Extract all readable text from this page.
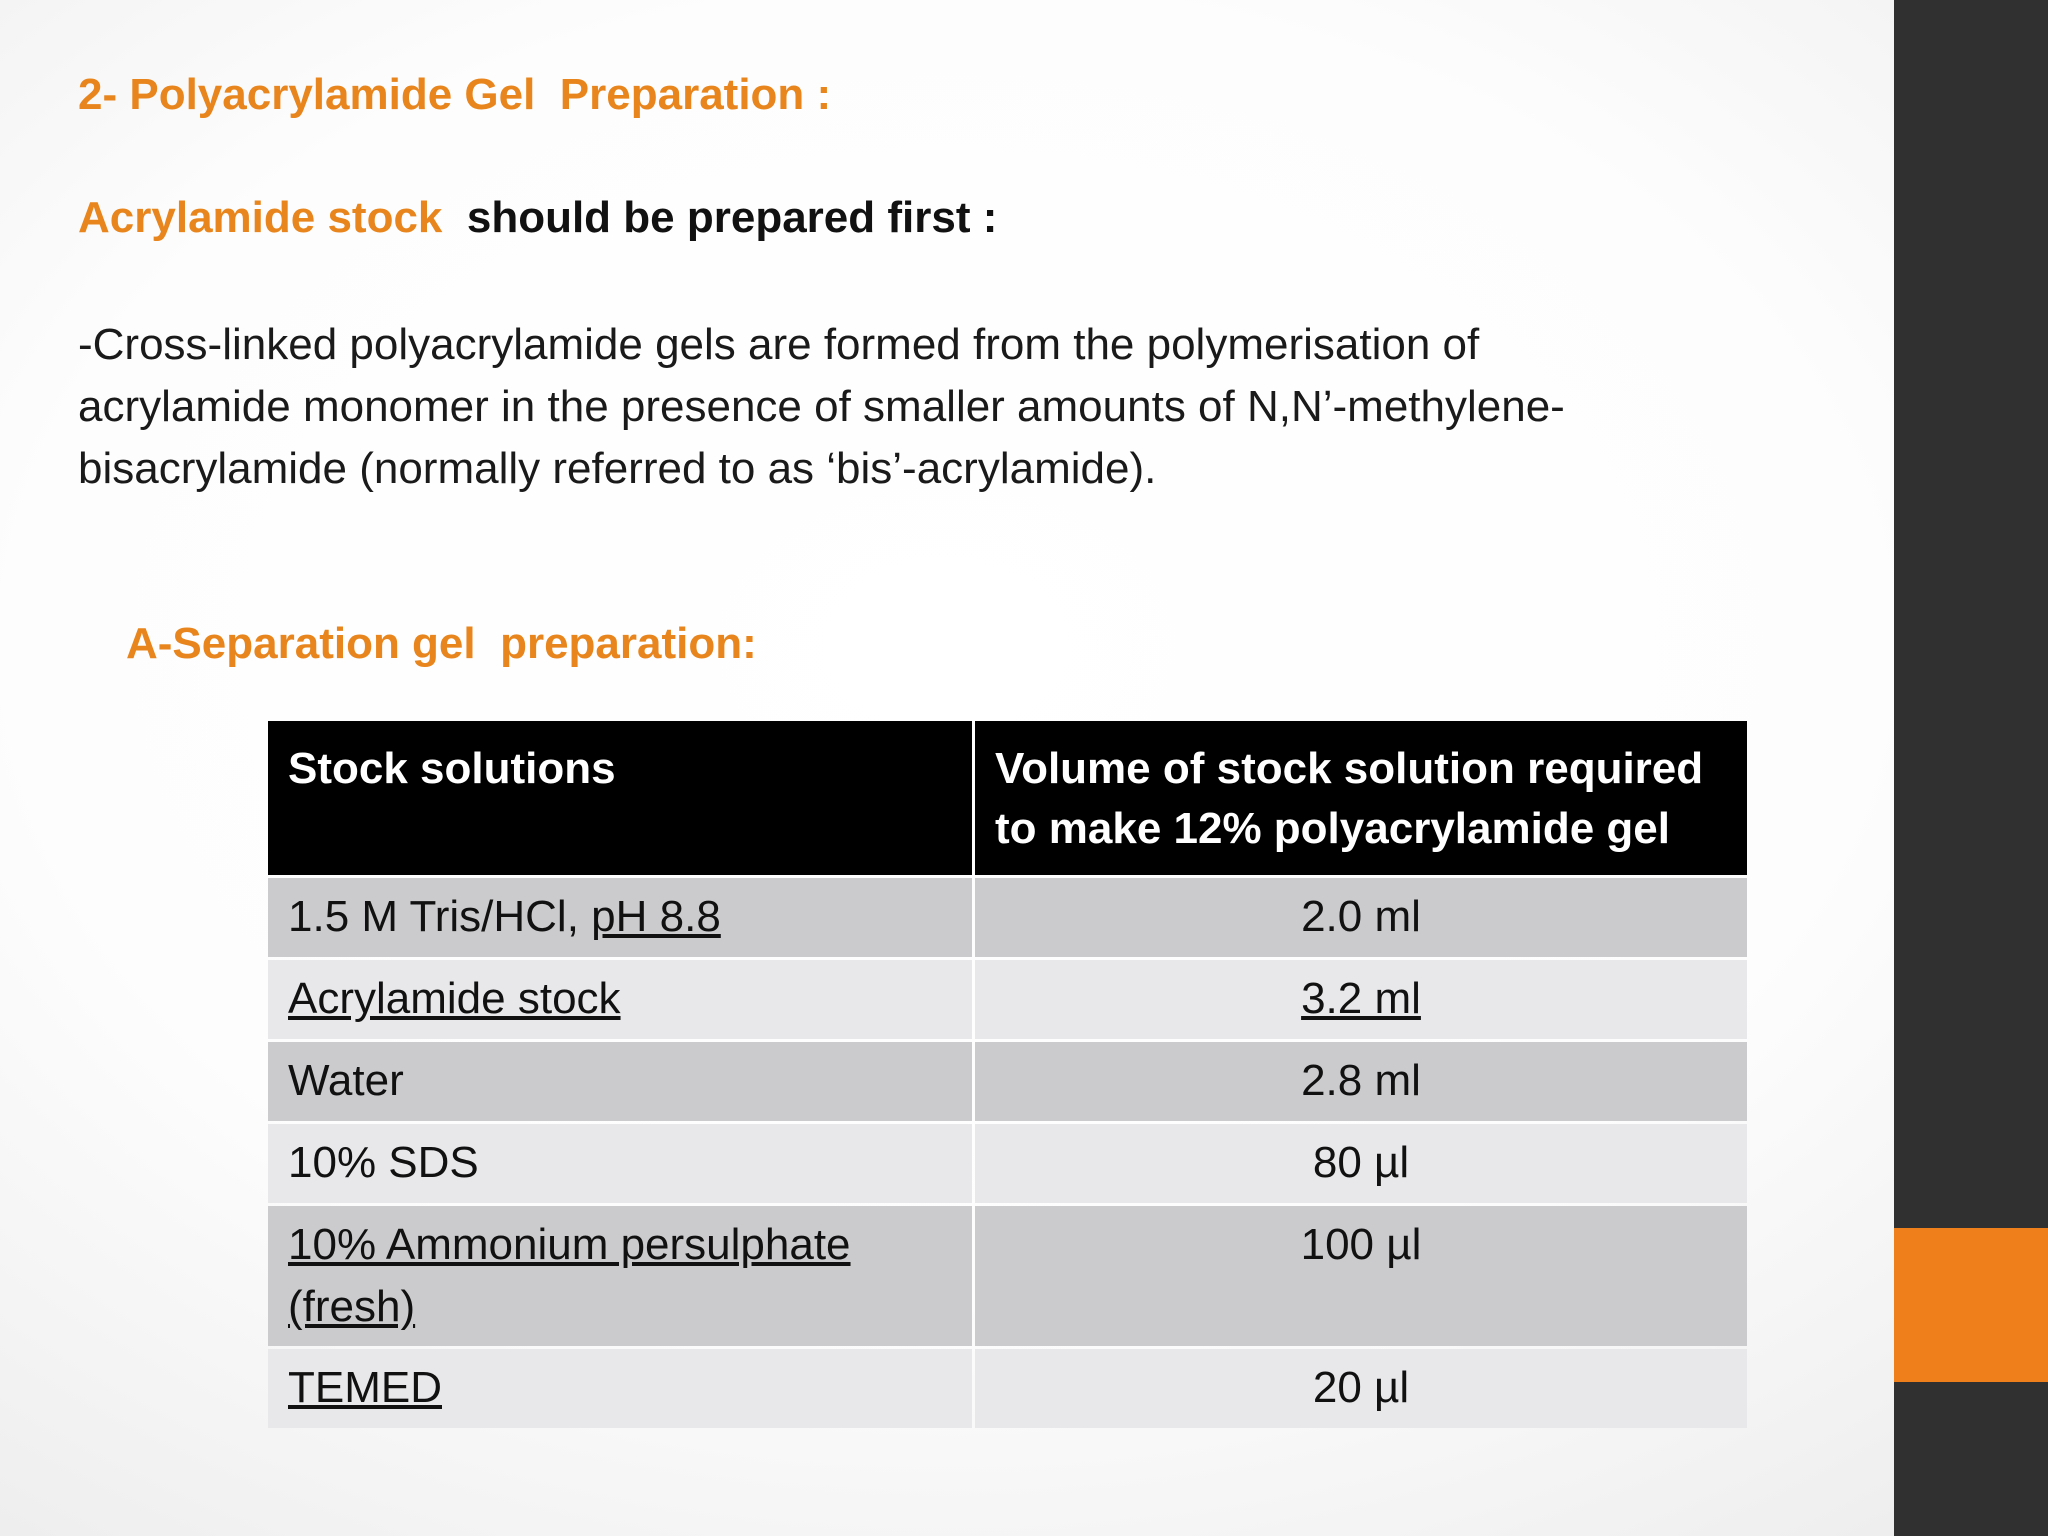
2- Polyacrylamide Gel  Preparation :

Acrylamide stock should be prepared first :

-Cross-linked polyacrylamide gels are formed from the polymerisation of
acrylamide monomer in the presence of smaller amounts of N,N’-methylene-
bisacrylamide (normally referred to as ‘bis’-acrylamide).

A-Separation gel  preparation:
Stock solutions	Volume of stock solution required
to make 12% polyacrylamide gel
1.5 M Tris/HCl, pH 8.8	2.0 ml
Acrylamide stock	3.2 ml
Water	2.8 ml
10% SDS	80 µl
10% Ammonium persulphate
(fresh)	100 µl
TEMED	20 µl
